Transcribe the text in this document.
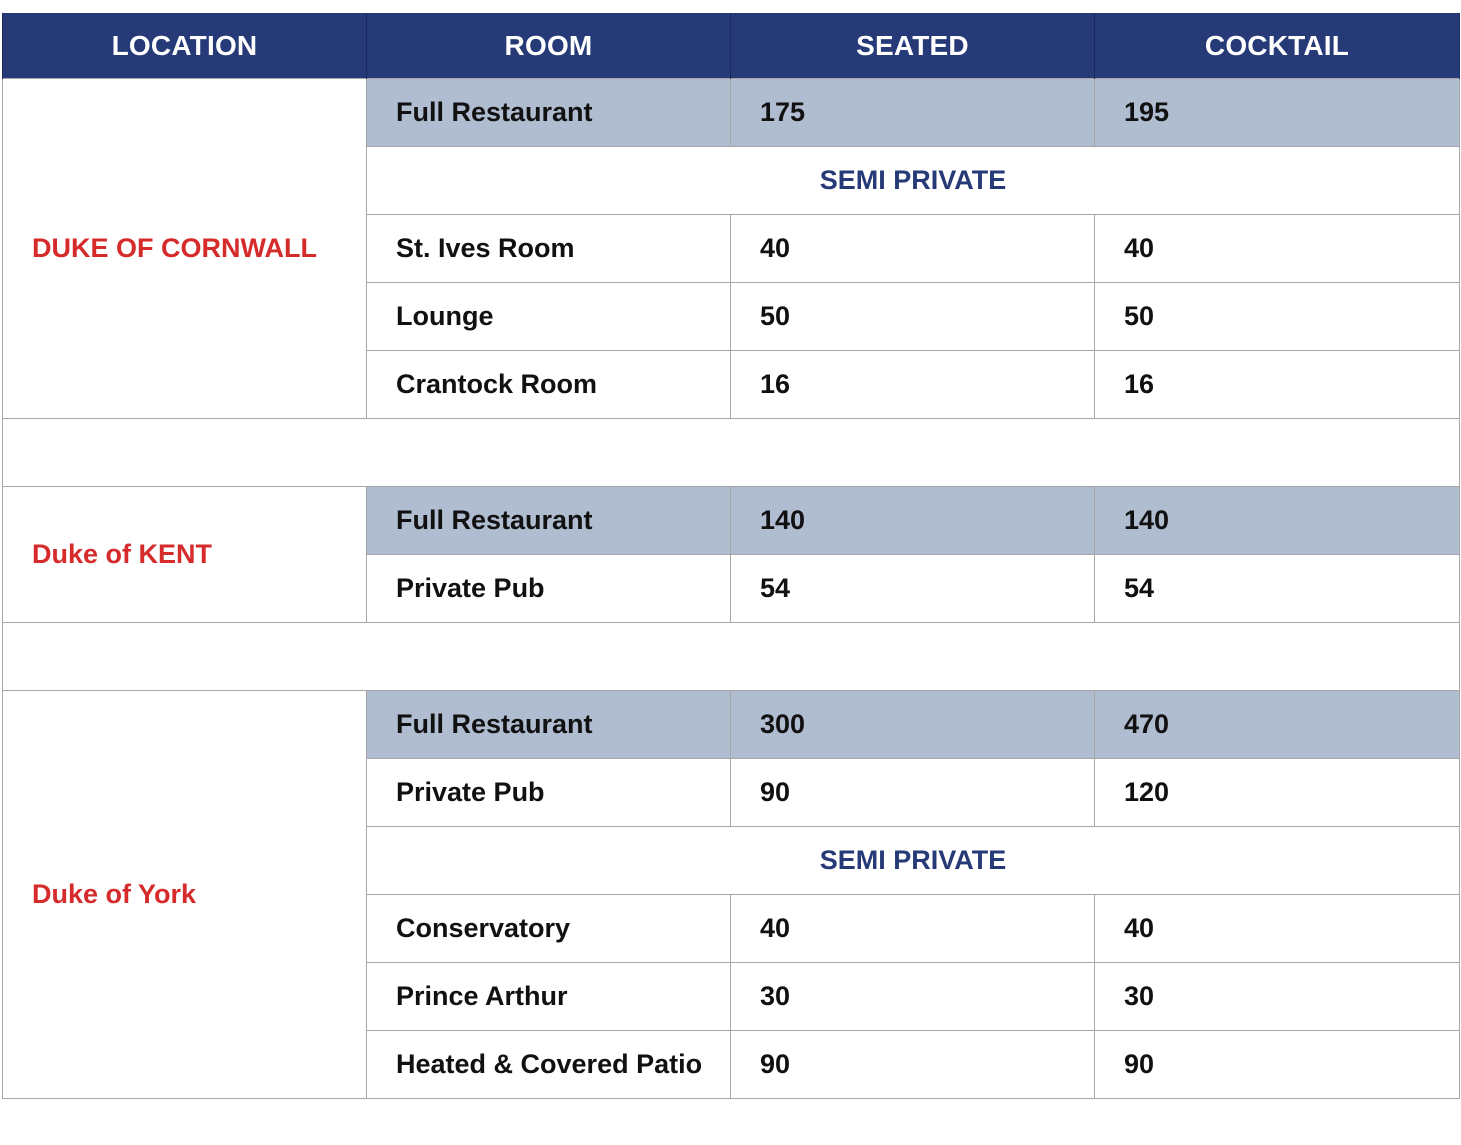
LOCATION	ROOM	SEATED	COCKTAIL
DUKE OF CORNWALL	Full Restaurant	175	195
	SEMI PRIVATE		
	St. Ives Room	40	40
	Lounge	50	50
	Crantock Room	16	16

Duke of KENT	Full Restaurant	140	140
	Private Pub	54	54

Duke of York	Full Restaurant	300	470
	Private Pub	90	120
	SEMI PRIVATE		
	Conservatory	40	40
	Prince Arthur	30	30
	Heated & Covered Patio	90	90
